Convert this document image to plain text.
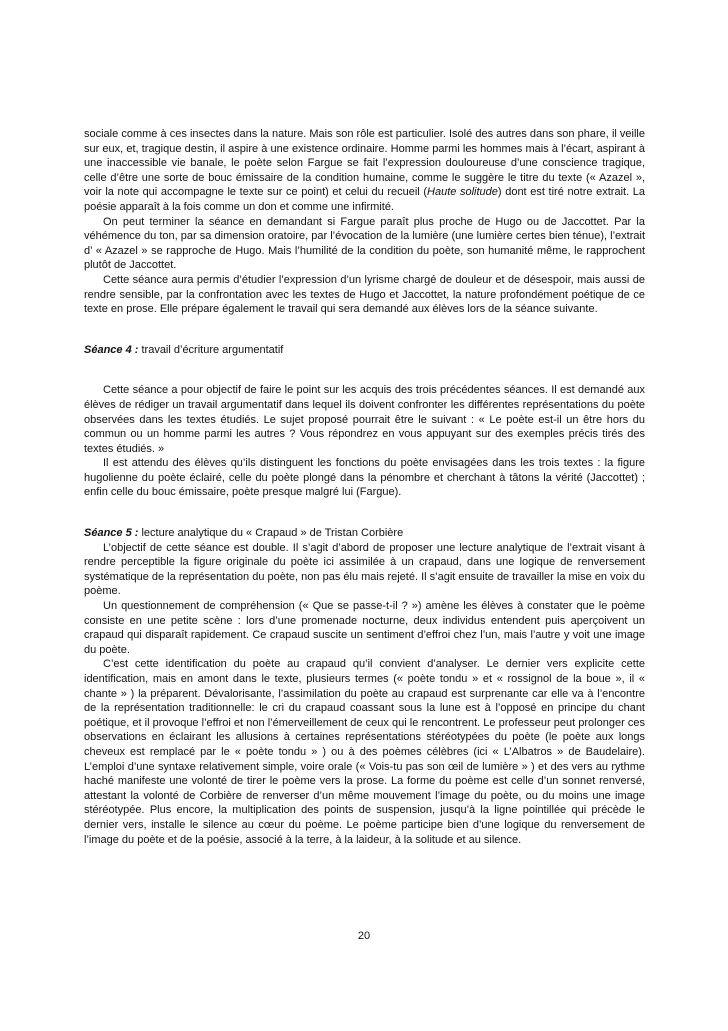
sociale comme à ces insectes dans la nature. Mais son rôle est particulier. Isolé des autres dans son phare, il veille sur eux, et, tragique destin, il aspire à une existence ordinaire. Homme parmi les hommes mais à l’écart, aspirant à une inaccessible vie banale, le poète selon Fargue se fait l’expression douloureuse d’une conscience tragique, celle d’être une sorte de bouc émissaire de la condition humaine, comme le suggère le titre du texte (« Azazel », voir la note qui accompagne le texte sur ce point) et celui du recueil (Haute solitude) dont est tiré notre extrait. La poésie apparaît à la fois comme un don et comme une infirmité.

On peut terminer la séance en demandant si Fargue paraît plus proche de Hugo ou de Jaccottet. Par la véhémence du ton, par sa dimension oratoire, par l’évocation de la lumière (une lumière certes bien ténue), l’extrait d’ « Azazel » se rapproche de Hugo. Mais l’humilité de la condition du poète, son humanité même, le rapprochent plutôt de Jaccottet.

Cette séance aura permis d’étudier l’expression d’un lyrisme chargé de douleur et de désespoir, mais aussi de rendre sensible, par la confrontation avec les textes de Hugo et Jaccottet, la nature profondément poétique de ce texte en prose. Elle prépare également le travail qui sera demandé aux élèves lors de la séance suivante.

Séance 4 : travail d’écriture argumentatif

Cette séance a pour objectif de faire le point sur les acquis des trois précédentes séances. Il est demandé aux élèves de rédiger un travail argumentatif dans lequel ils doivent confronter les différentes représentations du poète observées dans les textes étudiés. Le sujet proposé pourrait être le suivant : « Le poète est-il un être hors du commun ou un homme parmi les autres ? Vous répondrez en vous appuyant sur des exemples précis tirés des textes étudiés. »

Il est attendu des élèves qu’ils distinguent les fonctions du poète envisagées dans les trois textes : la figure hugolienne du poète éclairé, celle du poète plongé dans la pénombre et cherchant à tâtons la vérité (Jaccottet) ; enfin celle du bouc émissaire, poète presque malgré lui (Fargue).

Séance 5 : lecture analytique du « Crapaud » de Tristan Corbière

L’objectif de cette séance est double. Il s’agit d’abord de proposer une lecture analytique de l’extrait visant à rendre perceptible la figure originale du poète ici assimilée à un crapaud, dans une logique de renversement systématique de la représentation du poète, non pas élu mais rejeté. Il s’agit ensuite de travailler la mise en voix du poème.

Un questionnement de compréhension (« Que se passe-t-il ? ») amène les élèves à constater que le poème consiste en une petite scène : lors d’une promenade nocturne, deux individus entendent puis aperçoivent un crapaud qui disparaît rapidement. Ce crapaud suscite un sentiment d’effroi chez l’un, mais l’autre y voit une image du poète.

C’est cette identification du poète au crapaud qu’il convient d’analyser. Le dernier vers explicite cette identification, mais en amont dans le texte, plusieurs termes (« poète tondu » et « rossignol de la boue », il « chante » ) la préparent. Dévalorisante, l’assimilation du poète au crapaud est surprenante car elle va à l’encontre de la représentation traditionnelle: le cri du crapaud coassant sous la lune est à l’opposé en principe du chant poétique, et il provoque l’effroi et non l’émerveillement de ceux qui le rencontrent. Le professeur peut prolonger ces observations en éclairant les allusions à certaines représentations stéréotypées du poète (le poète aux longs cheveux est remplacé par le « poète tondu » ) ou à des poèmes célèbres (ici « L’Albatros » de Baudelaire). L’emploi d’une syntaxe relativement simple, voire orale (« Vois-tu pas son œil de lumière » ) et des vers au rythme haché manifeste une volonté de tirer le poème vers la prose. La forme du poème est celle d’un sonnet renversé, attestant la volonté de Corbière de renverser d’un même mouvement l’image du poète, ou du moins une image stéréotypée. Plus encore, la multiplication des points de suspension, jusqu’à la ligne pointillée qui précède le dernier vers, installe le silence au cœur du poème. Le poème participe bien d’une logique du renversement de l’image du poète et de la poésie, associé à la terre, à la laideur, à la solitude et au silence.

20
